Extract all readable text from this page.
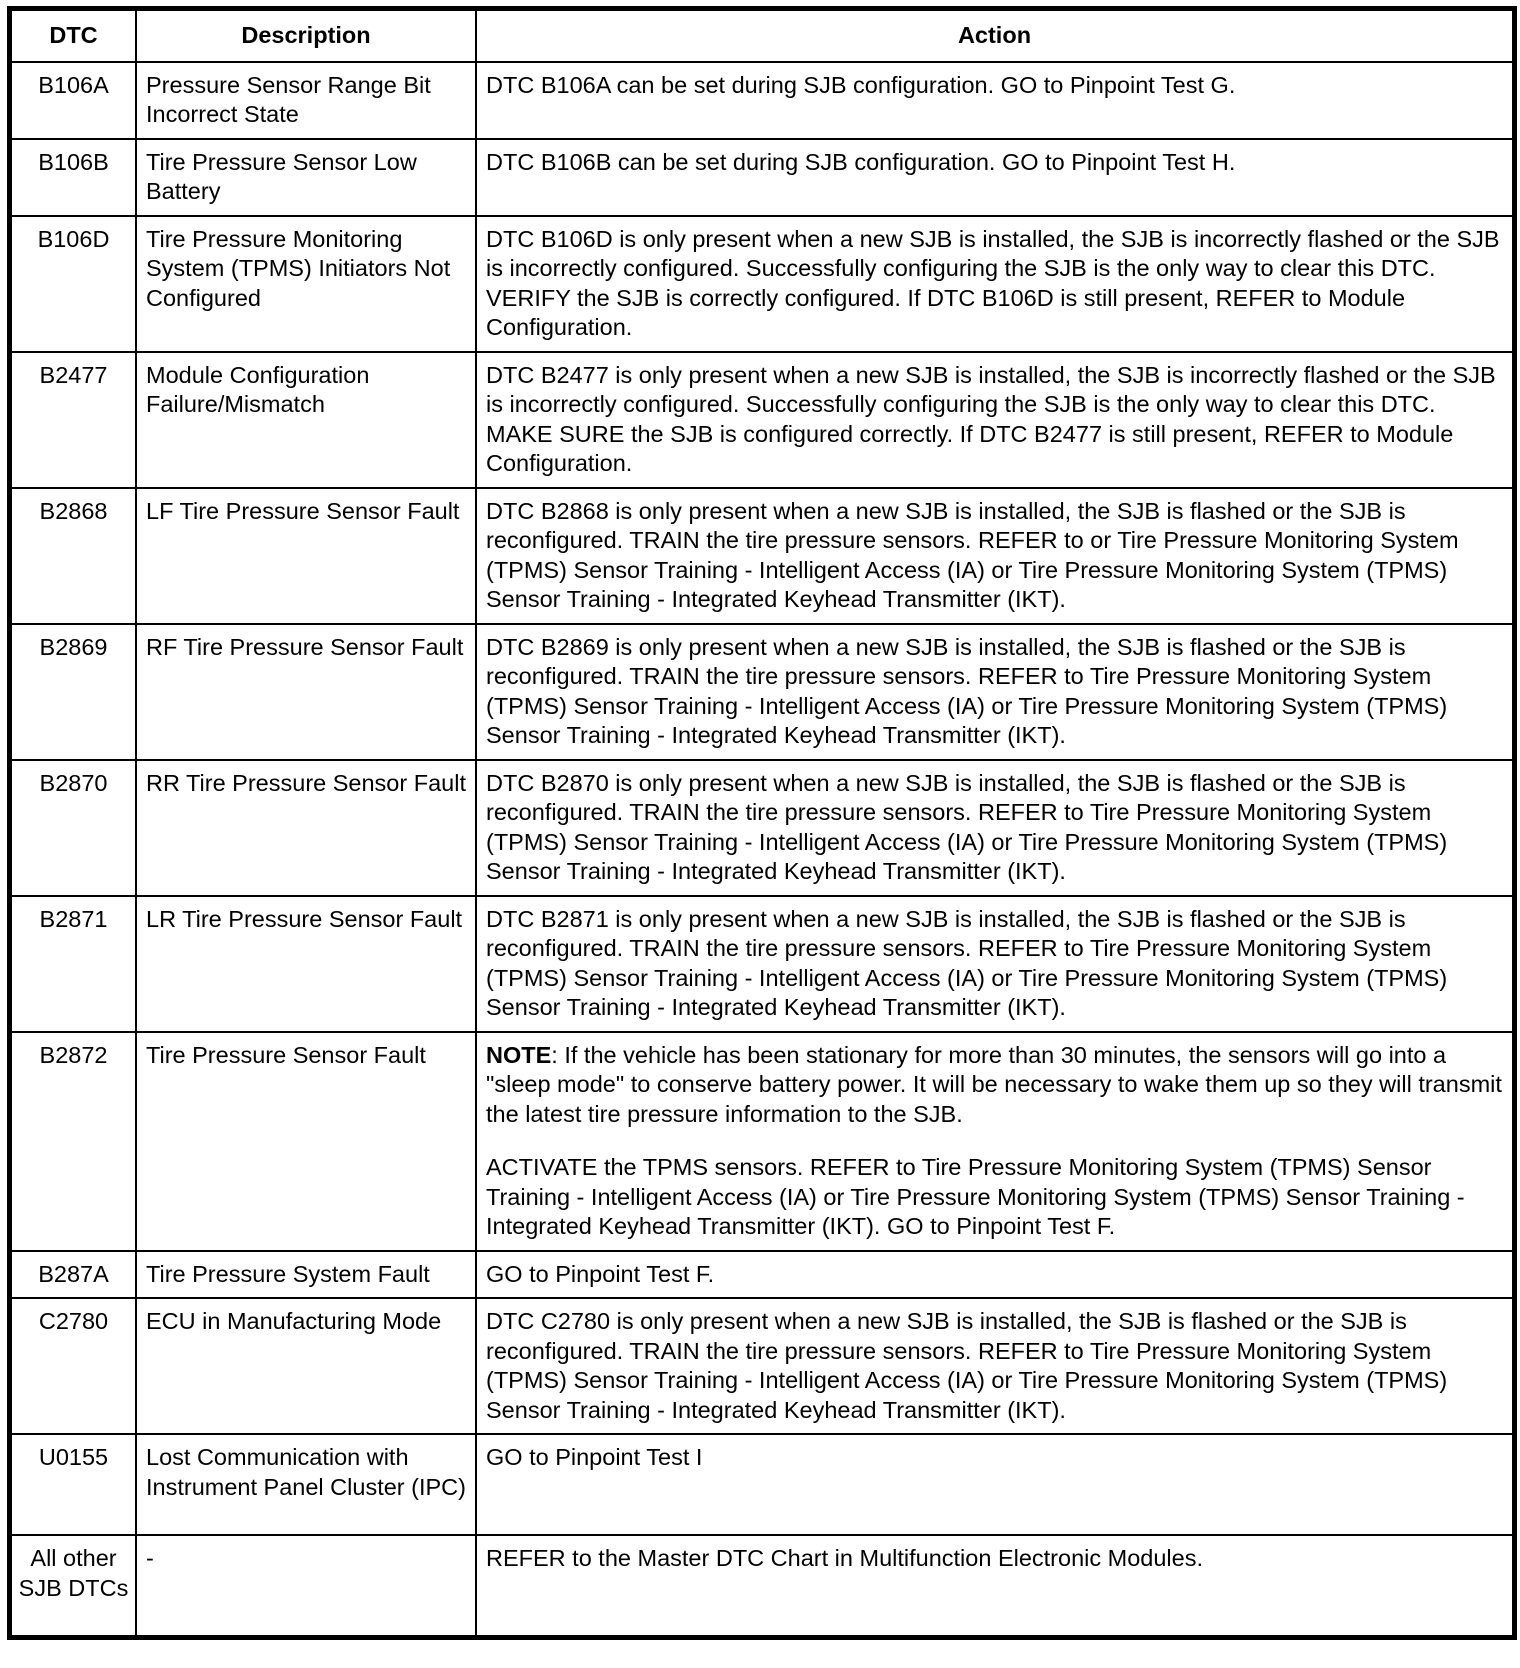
DTC	Description	Action
B106A	Pressure Sensor Range Bit Incorrect State	DTC B106A can be set during SJB configuration. GO to Pinpoint Test G.
B106B	Tire Pressure Sensor Low Battery	DTC B106B can be set during SJB configuration. GO to Pinpoint Test H.
B106D	Tire Pressure Monitoring System (TPMS) Initiators Not Configured	DTC B106D is only present when a new SJB is installed, the SJB is incorrectly flashed or the SJB is incorrectly configured. Successfully configuring the SJB is the only way to clear this DTC. VERIFY the SJB is correctly configured. If DTC B106D is still present, REFER to Module Configuration.
B2477	Module Configuration Failure/Mismatch	DTC B2477 is only present when a new SJB is installed, the SJB is incorrectly flashed or the SJB is incorrectly configured. Successfully configuring the SJB is the only way to clear this DTC. MAKE SURE the SJB is configured correctly. If DTC B2477 is still present, REFER to Module Configuration.
B2868	LF Tire Pressure Sensor Fault	DTC B2868 is only present when a new SJB is installed, the SJB is flashed or the SJB is reconfigured. TRAIN the tire pressure sensors. REFER to or Tire Pressure Monitoring System (TPMS) Sensor Training - Intelligent Access (IA) or Tire Pressure Monitoring System (TPMS) Sensor Training - Integrated Keyhead Transmitter (IKT).
B2869	RF Tire Pressure Sensor Fault	DTC B2869 is only present when a new SJB is installed, the SJB is flashed or the SJB is reconfigured. TRAIN the tire pressure sensors. REFER to Tire Pressure Monitoring System (TPMS) Sensor Training - Intelligent Access (IA) or Tire Pressure Monitoring System (TPMS) Sensor Training - Integrated Keyhead Transmitter (IKT).
B2870	RR Tire Pressure Sensor Fault	DTC B2870 is only present when a new SJB is installed, the SJB is flashed or the SJB is reconfigured. TRAIN the tire pressure sensors. REFER to Tire Pressure Monitoring System (TPMS) Sensor Training - Intelligent Access (IA) or Tire Pressure Monitoring System (TPMS) Sensor Training - Integrated Keyhead Transmitter (IKT).
B2871	LR Tire Pressure Sensor Fault	DTC B2871 is only present when a new SJB is installed, the SJB is flashed or the SJB is reconfigured. TRAIN the tire pressure sensors. REFER to Tire Pressure Monitoring System (TPMS) Sensor Training - Intelligent Access (IA) or Tire Pressure Monitoring System (TPMS) Sensor Training - Integrated Keyhead Transmitter (IKT).
B2872	Tire Pressure Sensor Fault	NOTE: If the vehicle has been stationary for more than 30 minutes, the sensors will go into a "sleep mode" to conserve battery power. It will be necessary to wake them up so they will transmit the latest tire pressure information to the SJB.
ACTIVATE the TPMS sensors. REFER to Tire Pressure Monitoring System (TPMS) Sensor Training - Intelligent Access (IA) or Tire Pressure Monitoring System (TPMS) Sensor Training - Integrated Keyhead Transmitter (IKT). GO to Pinpoint Test F.

B287A	Tire Pressure System Fault	GO to Pinpoint Test F.
C2780	ECU in Manufacturing Mode	DTC C2780 is only present when a new SJB is installed, the SJB is flashed or the SJB is reconfigured. TRAIN the tire pressure sensors. REFER to Tire Pressure Monitoring System (TPMS) Sensor Training - Intelligent Access (IA) or Tire Pressure Monitoring System (TPMS) Sensor Training - Integrated Keyhead Transmitter (IKT).
U0155	Lost Communication with Instrument Panel Cluster (IPC)	GO to Pinpoint Test I
All other SJB DTCs	-	REFER to the Master DTC Chart in Multifunction Electronic Modules.
